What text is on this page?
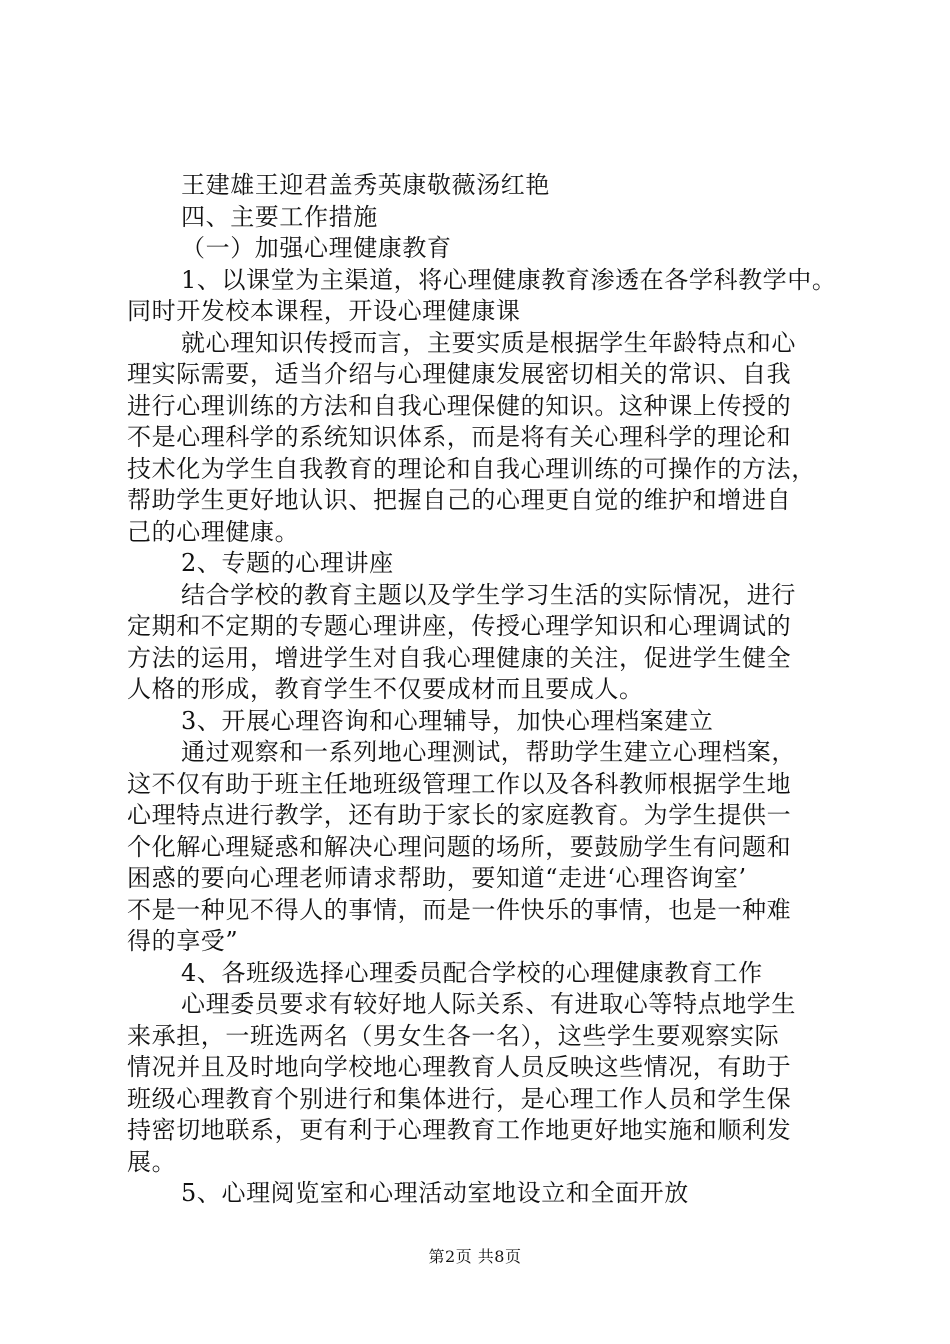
王建雄王迎君盖秀英康敬薇汤红艳
四、主要工作措施
（一）加强心理健康教育
1、以课堂为主渠道，将心理健康教育渗透在各学科教学中。
同时开发校本课程，开设心理健康课
就心理知识传授而言，主要实质是根据学生年龄特点和心
理实际需要，适当介绍与心理健康发展密切相关的常识、自我
进行心理训练的方法和自我心理保健的知识。这种课上传授的
不是心理科学的系统知识体系，而是将有关心理科学的理论和
技术化为学生自我教育的理论和自我心理训练的可操作的方法，
帮助学生更好地认识、把握自己的心理更自觉的维护和增进自
己的心理健康。
2、专题的心理讲座
结合学校的教育主题以及学生学习生活的实际情况，进行
定期和不定期的专题心理讲座，传授心理学知识和心理调试的
方法的运用，增进学生对自我心理健康的关注，促进学生健全
人格的形成，教育学生不仅要成材而且要成人。
3、开展心理咨询和心理辅导，加快心理档案建立
通过观察和一系列地心理测试，帮助学生建立心理档案，
这不仅有助于班主任地班级管理工作以及各科教师根据学生地
心理特点进行教学，还有助于家长的家庭教育。为学生提供一
个化解心理疑惑和解决心理问题的场所，要鼓励学生有问题和
困惑的要向心理老师请求帮助，要知道“走进‘心理咨询室’
不是一种见不得人的事情，而是一件快乐的事情，也是一种难
得的享受”
4、各班级选择心理委员配合学校的心理健康教育工作
心理委员要求有较好地人际关系、有进取心等特点地学生
来承担，一班选两名（男女生各一名），这些学生要观察实际
情况并且及时地向学校地心理教育人员反映这些情况，有助于
班级心理教育个别进行和集体进行，是心理工作人员和学生保
持密切地联系，更有利于心理教育工作地更好地实施和顺利发
展。
5、心理阅览室和心理活动室地设立和全面开放
第2页 共8页
